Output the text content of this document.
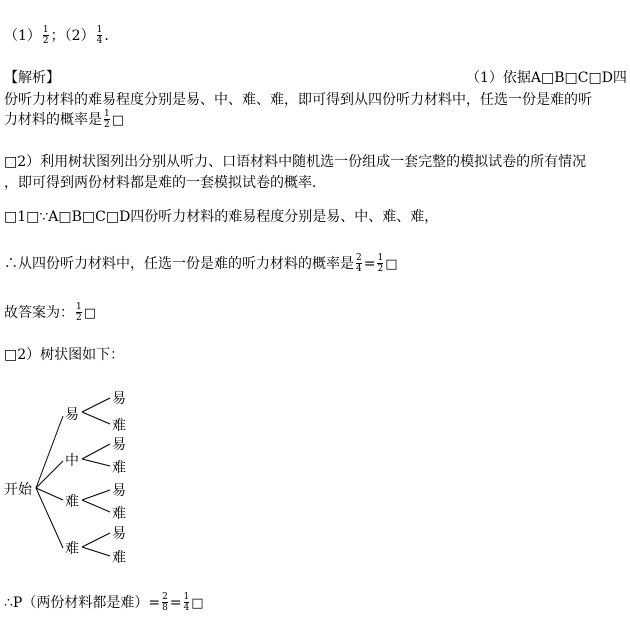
$(1) \frac{1}{2}$ ；$(2) \frac{1}{4}$ .
【解析】	（1）依据A□B□C□D四
份听力材料的难易程度分别是易、中、难、难，即可得到从四份听力材料中，任选一份是难的听
力材料的概率是 $\frac{1}{2}$ □
□2）利用树状图列出分别从听力、口语材料中随机选一份组成一套完整的模拟试卷的所有情况
，即可得到两份材料都是难的一套模拟试卷的概率．
□1□∵A□B□C□D四份听力材料的难易程度分别是易、中、难、难，
∴从四份听力材料中，任选一份是难的听力材料的概率是 $\frac{2}{4} = \frac{1}{2}$ □
故答案为： $\frac{1}{2}$ □
□2）树状图如下：
开始
易
中
难
难
易
难
易
难
易
难
易
难
∴P（两份材料都是难）= $\frac{2}{8} = \frac{1}{4}$ □
